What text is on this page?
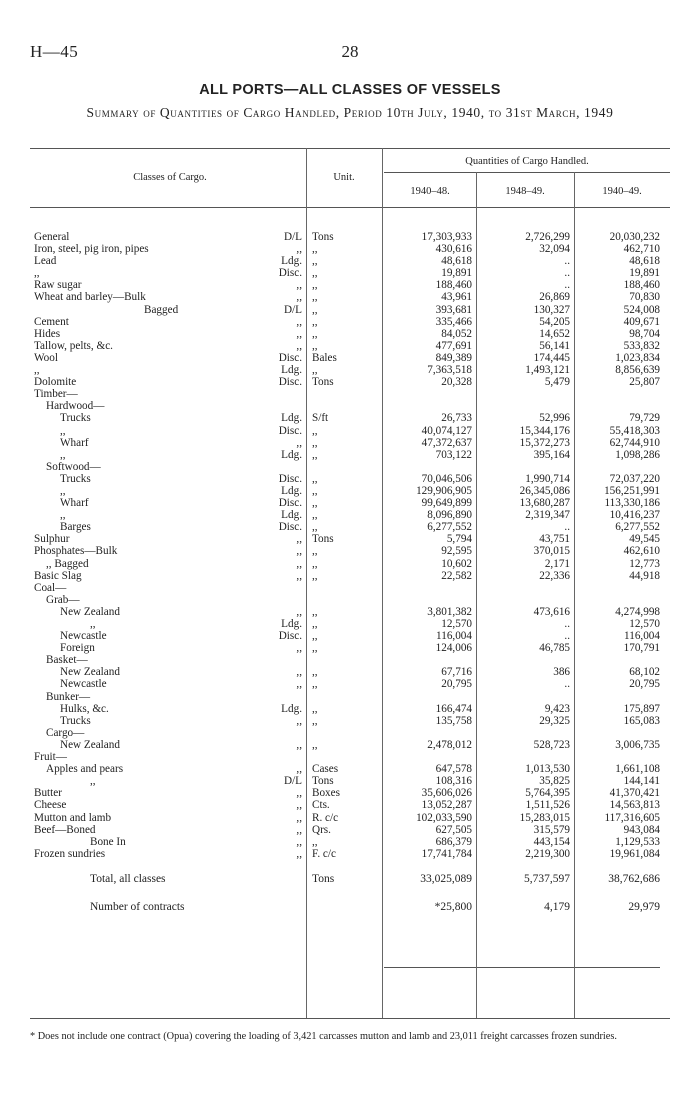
H—45	28
ALL PORTS—ALL CLASSES OF VESSELS
Summary of Quantities of Cargo Handled, Period 10th July, 1940, to 31st March, 1949
Classes of Cargo.	Unit.
Quantities of Cargo Handled.
1940–48.	1948–49.	1940–49.
General	D/L Tons	17,303,933	2,726,299	20,030,232
Iron, steel, pig iron, pipes	,, ,,	430,616	32,094	462,710
Lead	Ldg. ,,	48,618	..	48,618
,,	Disc. ,,	19,891	..	19,891
Raw sugar	,, ,,	188,460	..	188,460
Wheat and barley—Bulk	,, ,,	43,961	26,869	70,830
Bagged	D/L ,,	393,681	130,327	524,008
Cement	,, ,,	335,466	54,205	409,671
Hides	,, ,,	84,052	14,652	98,704
Tallow, pelts, &c.	,, ,,	477,691	56,141	533,832
Wool	Disc. Bales	849,389	174,445	1,023,834
,,	Ldg. ,,	7,363,518	1,493,121	8,856,639
Dolomite	Disc. Tons	20,328	5,479	25,807
Timber—
Hardwood—
Trucks	Ldg. S/ft	26,733	52,996	79,729
,,	Disc. ,,	40,074,127	15,344,176	55,418,303
Wharf	,, ,,	47,372,637	15,372,273	62,744,910
,,	Ldg. ,,	703,122	395,164	1,098,286
Softwood—
Trucks	Disc. ,,	70,046,506	1,990,714	72,037,220
,,	Ldg. ,,	129,906,905	26,345,086	156,251,991
Wharf	Disc. ,,	99,649,899	13,680,287	113,330,186
,,	Ldg. ,,	8,096,890	2,319,347	10,416,237
Barges	Disc. ,,	6,277,552	..	6,277,552
Sulphur	,, Tons	5,794	43,751	49,545
Phosphates—Bulk	,, ,,	92,595	370,015	462,610
,, Bagged	,, ,,	10,602	2,171	12,773
Basic Slag	,, ,,	22,582	22,336	44,918
Coal—
Grab—
New Zealand	,, ,,	3,801,382	473,616	4,274,998
,,	Ldg. ,,	12,570	..	12,570
Newcastle	Disc. ,,	116,004	..	116,004
Foreign	,, ,,	124,006	46,785	170,791
Basket—
New Zealand	,, ,,	67,716	386	68,102
Newcastle	,, ,,	20,795	..	20,795
Bunker—
Hulks, &c.	Ldg. ,,	166,474	9,423	175,897
Trucks	,, ,,	135,758	29,325	165,083
Cargo—
New Zealand	,, ,,	2,478,012	528,723	3,006,735
Fruit—
Apples and pears	,, Cases	647,578	1,013,530	1,661,108
,,	D/L Tons	108,316	35,825	144,141
Butter	,, Boxes	35,606,026	5,764,395	41,370,421
Cheese	,, Cts.	13,052,287	1,511,526	14,563,813
Mutton and lamb	,, R. c/c	102,033,590	15,283,015	117,316,605
Beef—Boned	,, Qrs.	627,505	315,579	943,084
Bone In	,, ,,	686,379	443,154	1,129,533
Frozen sundries	,, F. c/c	17,741,784	2,219,300	19,961,084
Total, all classes	Tons	33,025,089	5,737,597	38,762,686
Number of contracts	*25,800	4,179	29,979
* Does not include one contract (Opua) covering the loading of 3,421 carcasses mutton and lamb and 23,011 freight carcasses frozen sundries.
